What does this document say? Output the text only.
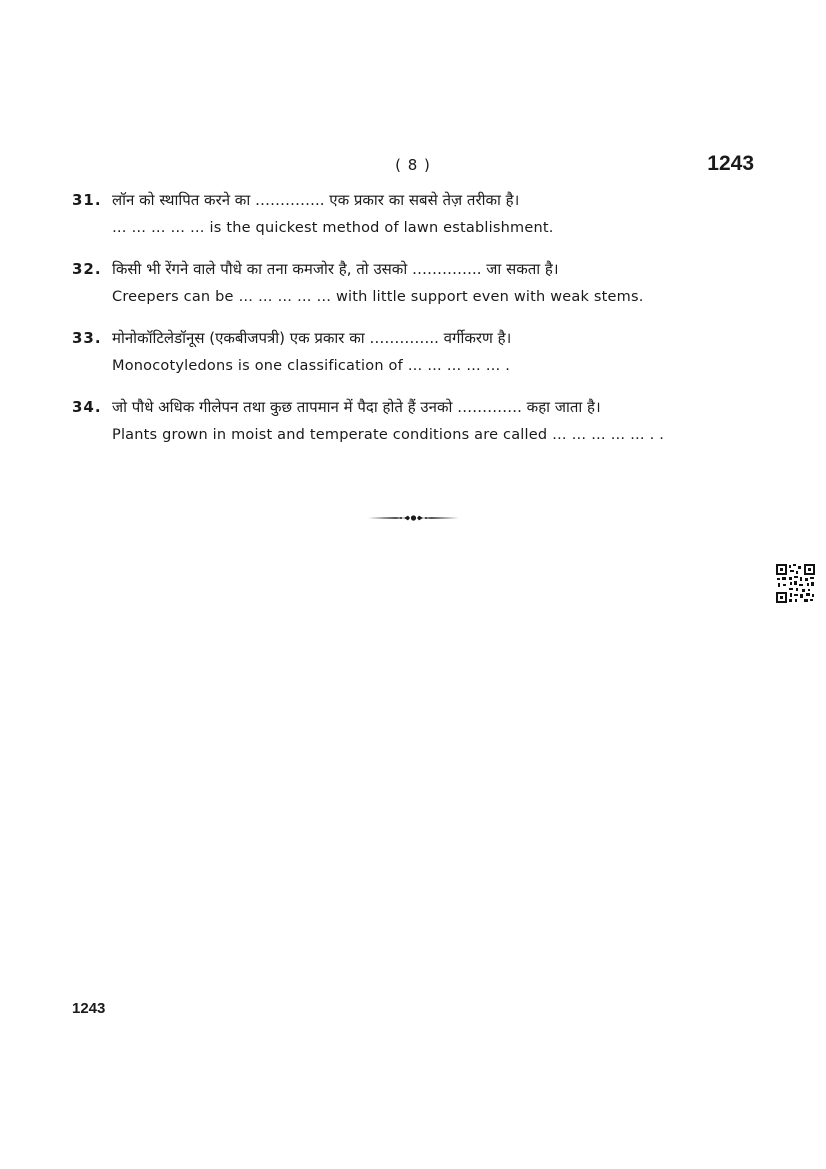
( 8 )	1243
31. लॉन को स्थापित करने का ………….. एक प्रकार का सबसे तेज़ तरीका है।
… … … … … is the quickest method of lawn establishment.
32. किसी भी रेंगने वाले पौधे का तना कमजोर है, तो उसको ………….. जा सकता है।
Creepers can be … … … … … with little support even with weak stems.
33. मोनोकॉटिलेडॉनूस (एकबीजपत्री) एक प्रकार का ………….. वर्गीकरण है।
Monocotyledons is one classification of … … … … … .
34. जो पौधे अधिक गीलेपन तथा कुछ तापमान में पैदा होते हैं उनको …………. कहा जाता है।
Plants grown in moist and temperate conditions are called … … … … … . .
1243
